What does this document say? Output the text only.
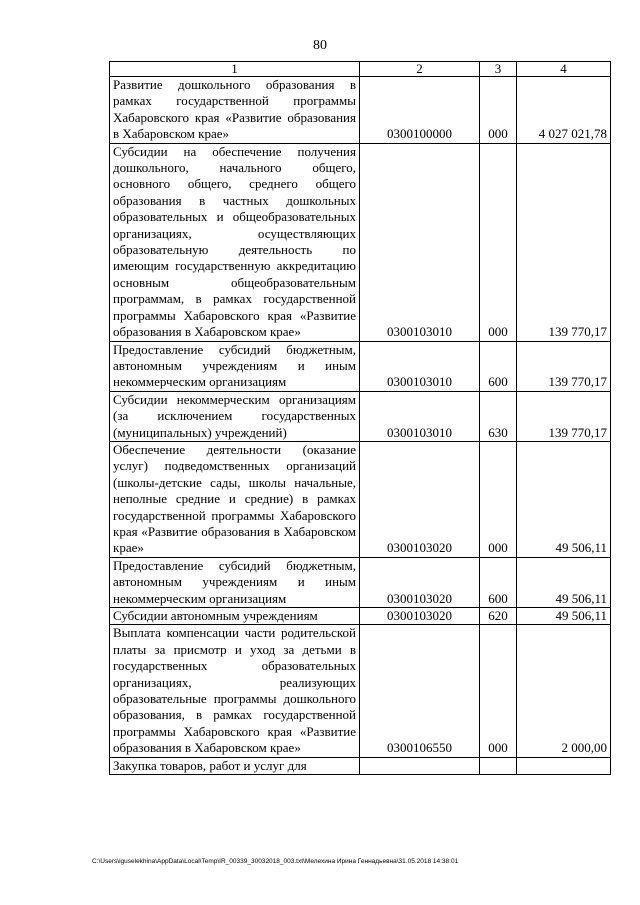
80
1	2	3	4
Развитие дошкольного образования в рамках государственной программы Хабаровского края «Развитие образования в Хабаровском крае»	0300100000	000	4 027 021,78
Субсидии на обеспечение получения дошкольного, начального общего, основного общего, среднего общего образования в частных дошкольных образовательных и общеобразовательных организациях, осуществляющих образовательную деятельность по имеющим государственную аккредитацию основным общеобразовательным программам, в рамках государственной программы Хабаровского края «Развитие образования в Хабаровском крае»	0300103010	000	139 770,17
Предоставление субсидий бюджетным, автономным учреждениям и иным некоммерческим организациям	0300103010	600	139 770,17
Субсидии некоммерческим организациям (за исключением государственных (муниципальных) учреждений)	0300103010	630	139 770,17
Обеспечение деятельности (оказание услуг) подведомственных организаций (школы-детские сады, школы начальные, неполные средние и средние) в рамках государственной программы Хабаровского края «Развитие образования в Хабаровском крае»	0300103020	000	49 506,11
Предоставление субсидий бюджетным, автономным учреждениям и иным некоммерческим организациям	0300103020	600	49 506,11
Субсидии автономным учреждениям	0300103020	620	49 506,11
Выплата компенсации части родительской платы за присмотр и уход за детьми в государственных образовательных организациях, реализующих образовательные программы дошкольного образования, в рамках государственной программы Хабаровского края «Развитие образования в Хабаровском крае»	0300106550	000	2 000,00
Закупка товаров, работ и услуг для			
C:\Users\iguselekhina\AppData\Local\Temp\IR_00339_30032018_003.txt\Мелехина Ирина Геннадьевна\31.05.2018 14:38:01
